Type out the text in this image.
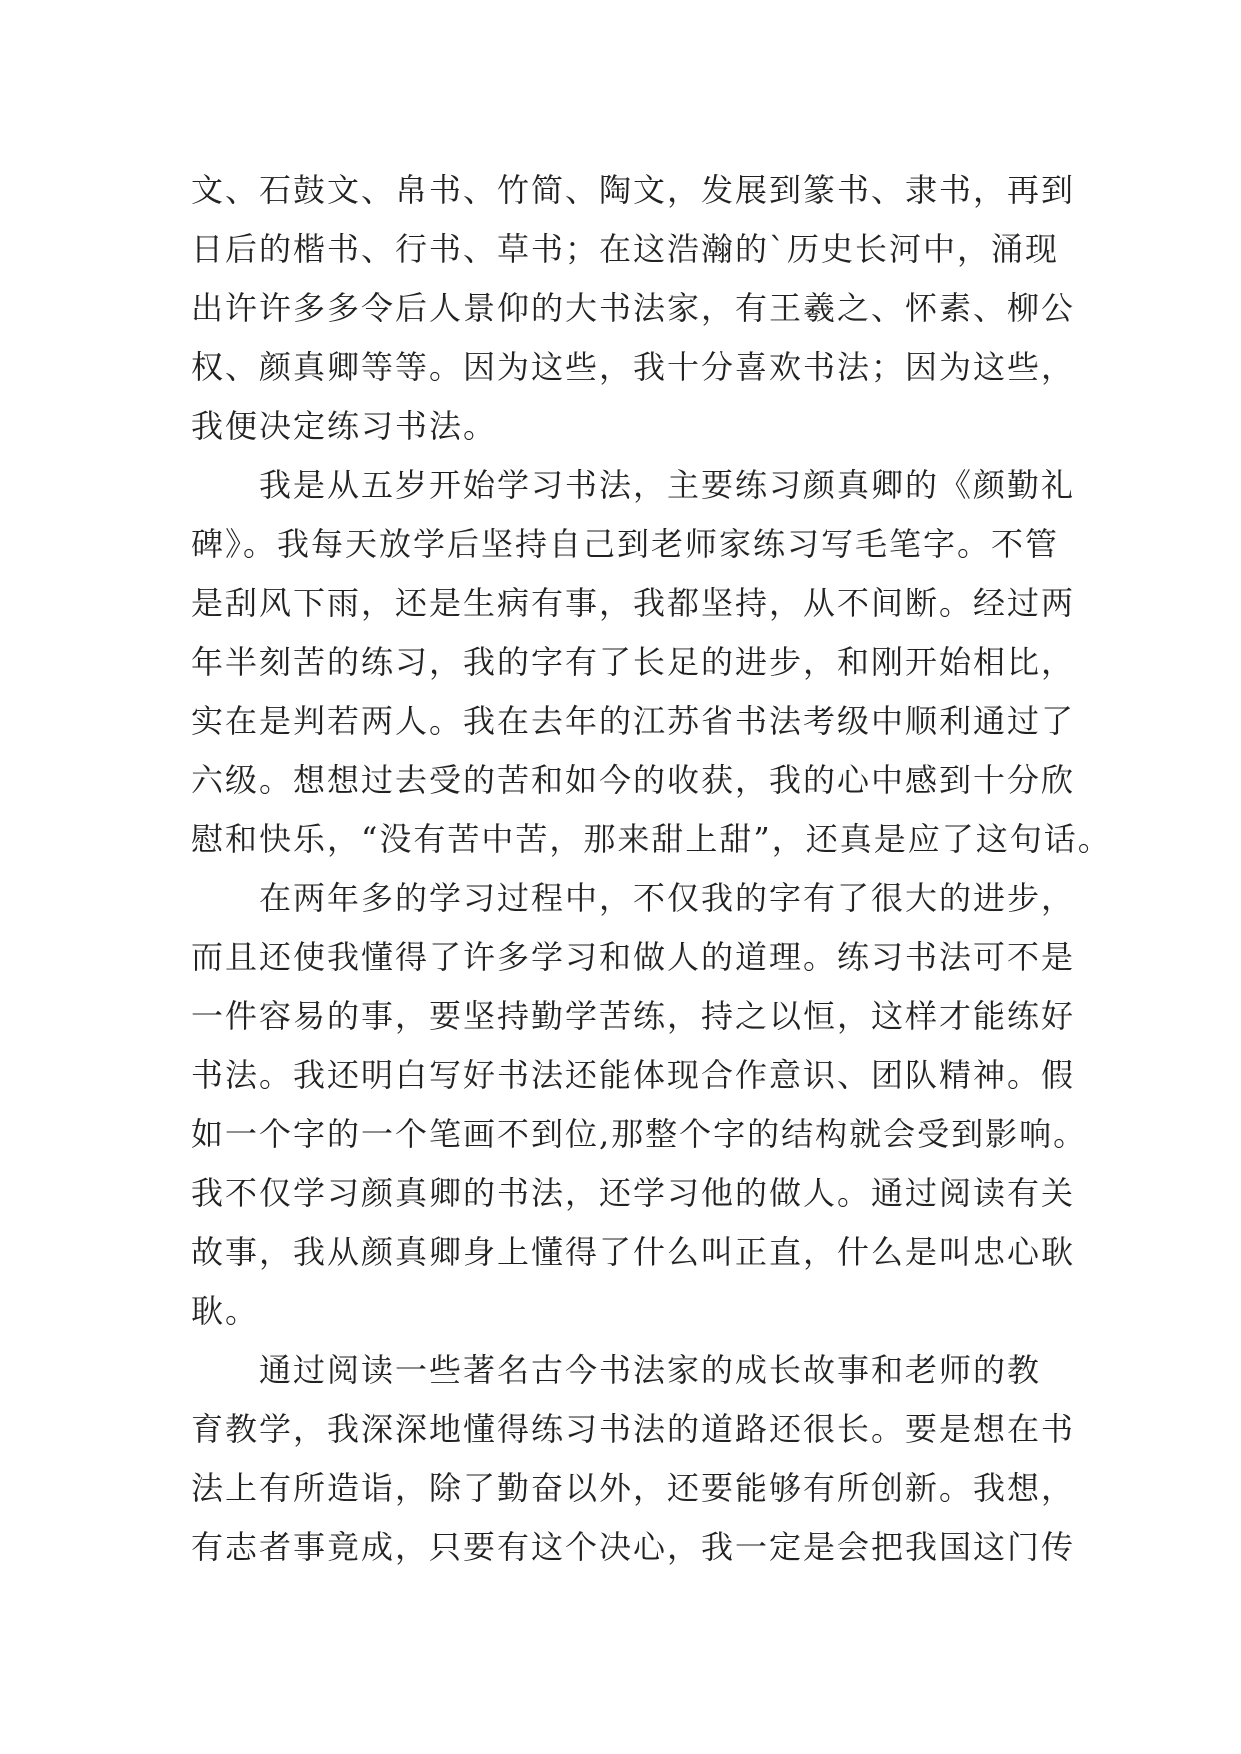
文、石鼓文、帛书、竹简、陶文，发展到篆书、隶书，再到
日后的楷书、行书、草书；在这浩瀚的`历史长河中，涌现
出许许多多令后人景仰的大书法家，有王羲之、怀素、柳公
权、颜真卿等等。因为这些，我十分喜欢书法；因为这些，
我便决定练习书法。
　　我是从五岁开始学习书法，主要练习颜真卿的《颜勤礼
碑》。我每天放学后坚持自己到老师家练习写毛笔字。不管
是刮风下雨，还是生病有事，我都坚持，从不间断。经过两
年半刻苦的练习，我的字有了长足的进步，和刚开始相比，
实在是判若两人。我在去年的江苏省书法考级中顺利通过了
六级。想想过去受的苦和如今的收获，我的心中感到十分欣
慰和快乐，“没有苦中苦，那来甜上甜”，还真是应了这句话。
　　在两年多的学习过程中，不仅我的字有了很大的进步，
而且还使我懂得了许多学习和做人的道理。练习书法可不是
一件容易的事，要坚持勤学苦练，持之以恒，这样才能练好
书法。我还明白写好书法还能体现合作意识、团队精神。假
如一个字的一个笔画不到位,那整个字的结构就会受到影响。
我不仅学习颜真卿的书法，还学习他的做人。通过阅读有关
故事，我从颜真卿身上懂得了什么叫正直，什么是叫忠心耿
耿。
　　通过阅读一些著名古今书法家的成长故事和老师的教
育教学，我深深地懂得练习书法的道路还很长。要是想在书
法上有所造诣，除了勤奋以外，还要能够有所创新。我想，
有志者事竟成，只要有这个决心，我一定是会把我国这门传
